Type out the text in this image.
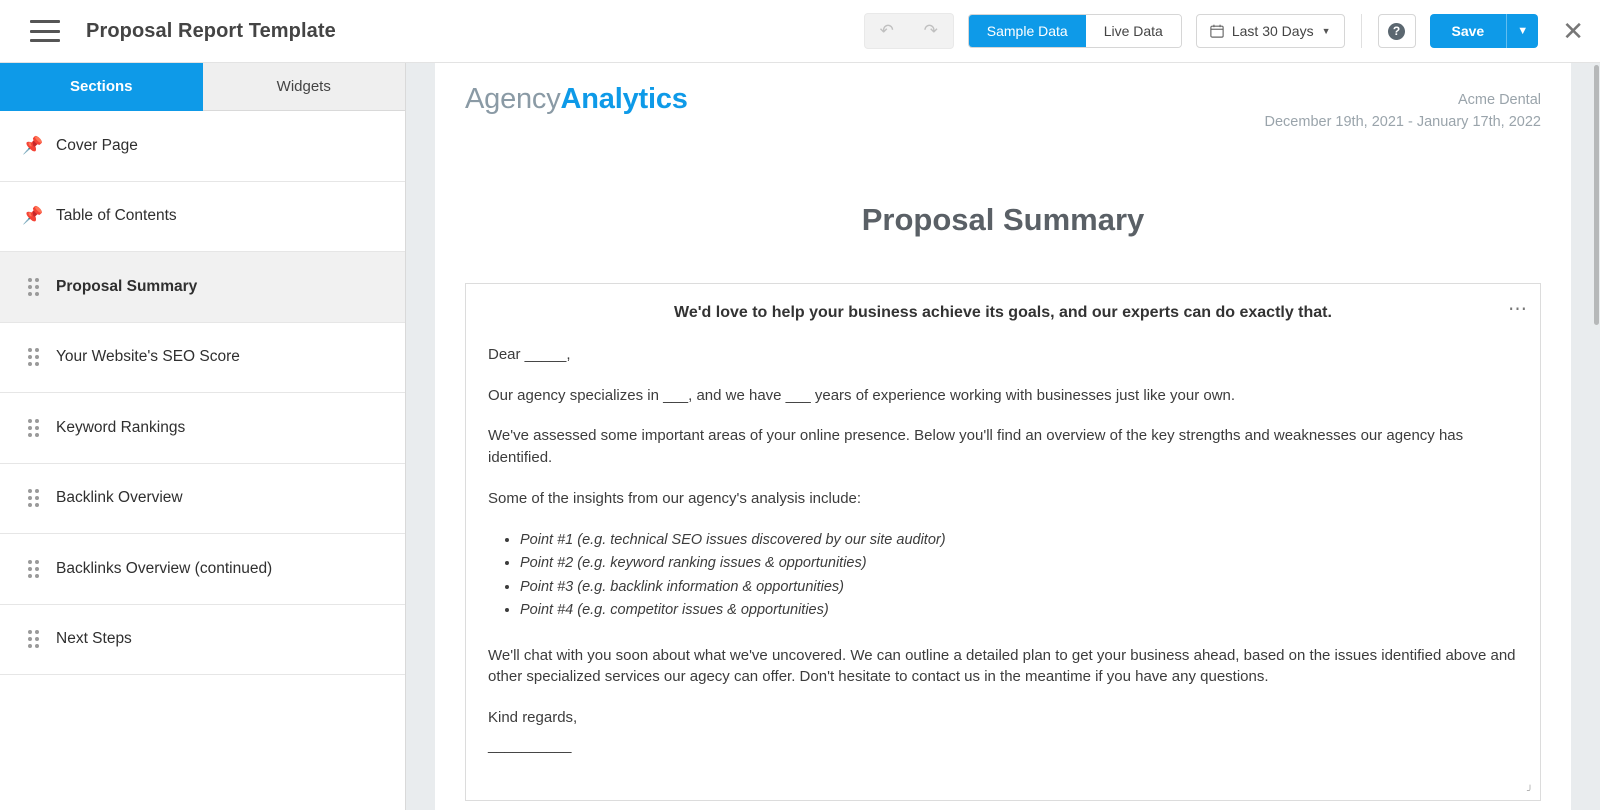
Proposal Report Template	↶	↷	Sample Data	Live Data	Last 30 Days ▼	?	Save	▼	✕
Sections	Widgets
📌 Cover Page
📌 Table of Contents
Proposal Summary
Your Website's SEO Score
Keyword Rankings
Backlink Overview
Backlinks Overview (continued)
Next Steps
AgencyAnalytics	Acme Dental
December 19th, 2021 - January 17th, 2022
Proposal Summary
⋯
We'd love to help your business achieve its goals, and our experts can do exactly that.

Dear _____,

Our agency specializes in ___, and we have ___ years of experience working with businesses just like your own.

We've assessed some important areas of your online presence. Below you'll find an overview of the key strengths and weaknesses our agency has identified.

Some of the insights from our agency's analysis include:

• Point #1 (e.g. technical SEO issues discovered by our site auditor)
• Point #2 (e.g. keyword ranking issues & opportunities)
• Point #3 (e.g. backlink information & opportunities)
• Point #4 (e.g. competitor issues & opportunities)

We'll chat with you soon about what we've uncovered. We can outline a detailed plan to get your business ahead, based on the issues identified above and other specialized services our agecy can offer. Don't hesitate to contact us in the meantime if you have any questions.

Kind regards,

__________

╯
